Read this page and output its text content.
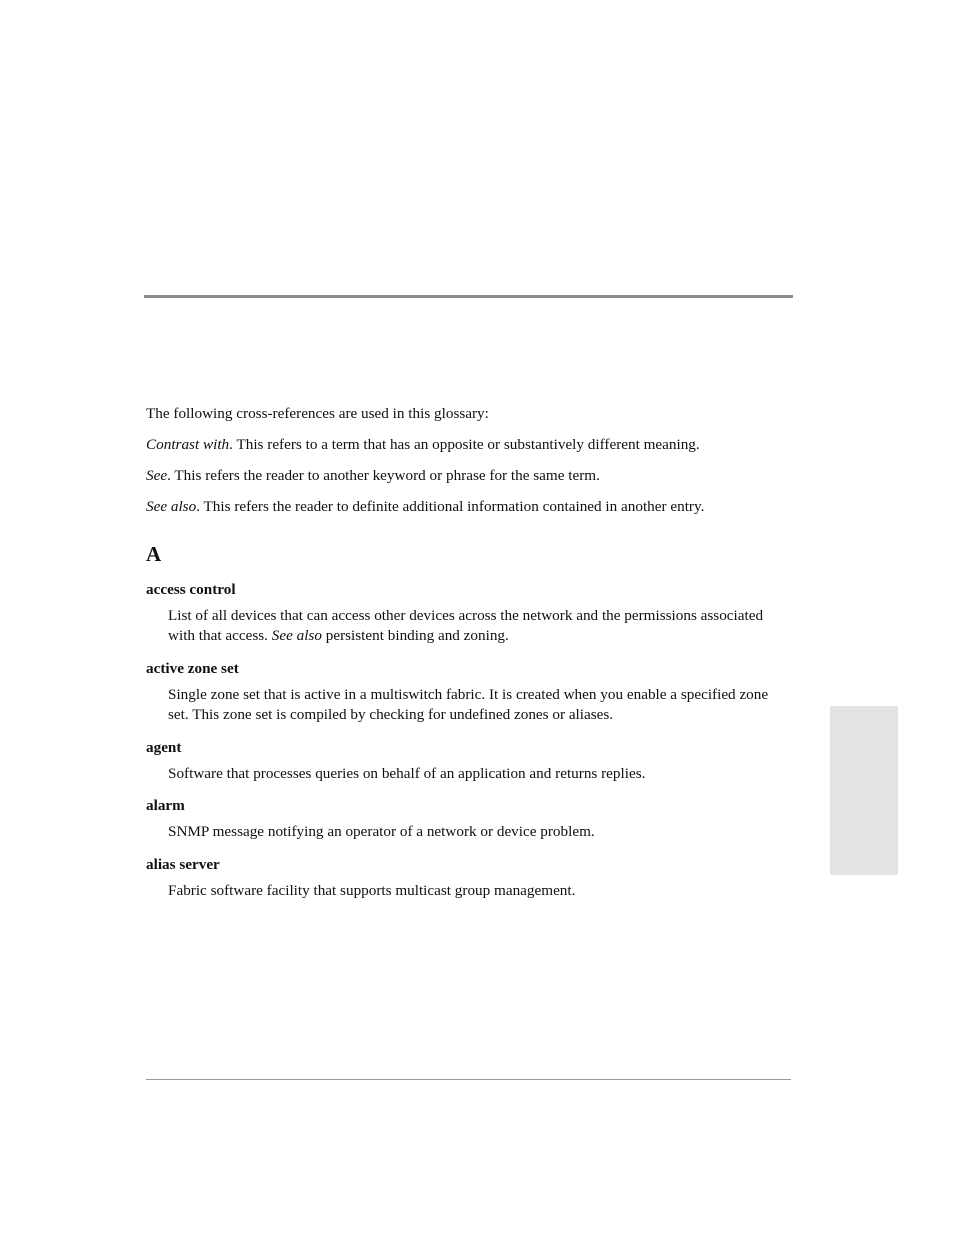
The following cross-references are used in this glossary:

Contrast with. This refers to a term that has an opposite or substantively different meaning.

See. This refers the reader to another keyword or phrase for the same term.

See also. This refers the reader to definite additional information contained in another entry.

A

access control

List of all devices that can access other devices across the network and the permissions associated with that access. See also persistent binding and zoning.

active zone set

Single zone set that is active in a multiswitch fabric. It is created when you enable a specified zone set. This zone set is compiled by checking for undefined zones or aliases.

agent

Software that processes queries on behalf of an application and returns replies.

alarm

SNMP message notifying an operator of a network or device problem.

alias server

Fabric software facility that supports multicast group management.
